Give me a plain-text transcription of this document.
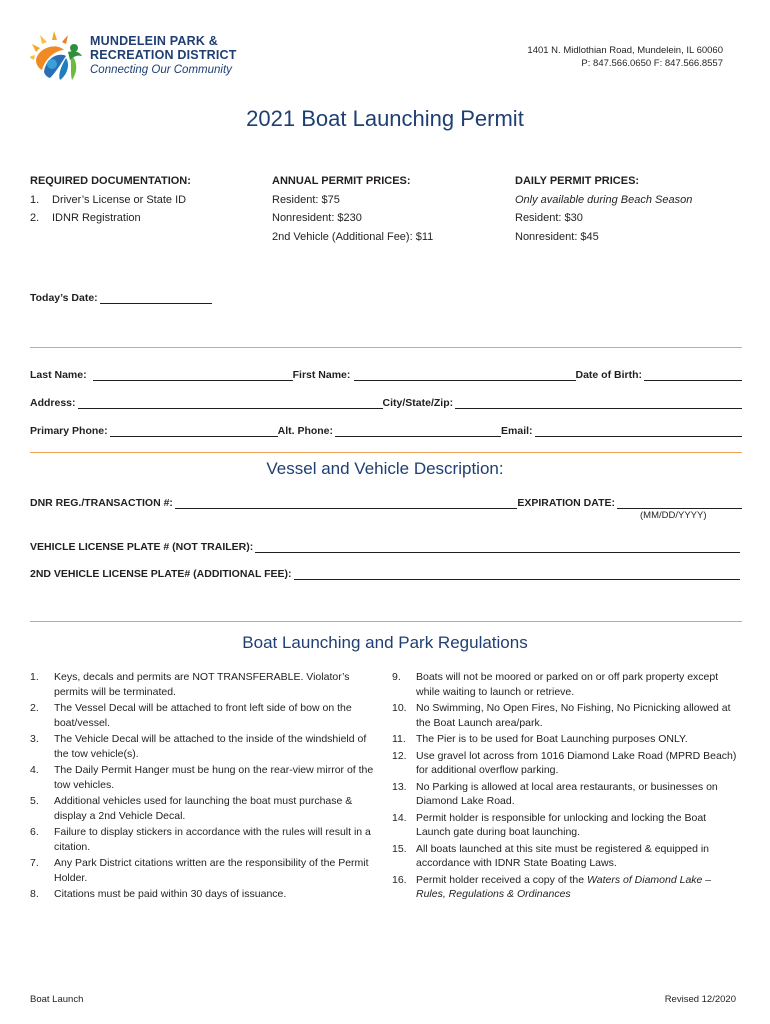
MUNDELEIN PARK &
RECREATION DISTRICT
Connecting Our Community
1401 N. Midlothian Road, Mundelein, IL 60060
P: 847.566.0650 F: 847.566.8557
2021 Boat Launching Permit
REQUIRED DOCUMENTATION:
1.	Driver’s License or State ID
2.	IDNR Registration
ANNUAL PERMIT PRICES:
Resident: $75
Nonresident: $230
2nd Vehicle (Additional Fee): $11
DAILY PERMIT PRICES:
Only available during Beach Season
Resident: $30
Nonresident: $45
Today’s Date:
Last Name:	First Name:	Date of Birth:
Address:	City/State/Zip:
Primary Phone:	Alt. Phone:	Email:
Vessel and Vehicle Description:
DNR REG./TRANSACTION #:	EXPIRATION DATE:
(MM/DD/YYYY)
VEHICLE LICENSE PLATE # (NOT TRAILER):
2ND VEHICLE LICENSE PLATE# (ADDITIONAL FEE):
Boat Launching and Park Regulations
1.	Keys, decals and permits are NOT TRANSFERABLE. Violator’s permits will be terminated.
2.	The Vessel Decal will be attached to front left side of bow on the boat/vessel.
3.	The Vehicle Decal will be attached to the inside of the windshield of the tow vehicle(s).
4.	The Daily Permit Hanger must be hung on the rear-view mirror of the tow vehicles.
5.	Additional vehicles used for launching the boat must purchase & display a 2nd Vehicle Decal.
6.	Failure to display stickers in accordance with the rules will result in a citation.
7.	Any Park District citations written are the responsibility of the Permit Holder.
8.	Citations must be paid within 30 days of issuance.
9.	Boats will not be moored or parked on or off park property except while waiting to launch or retrieve.
10. No Swimming, No Open Fires, No Fishing, No Picnicking allowed at the Boat Launch area/park.
11. The Pier is to be used for Boat Launching purposes ONLY.
12. Use gravel lot across from 1016 Diamond Lake Road (MPRD Beach) for additional overflow parking.
13. No Parking is allowed at local area restaurants, or businesses on Diamond Lake Road.
14. Permit holder is responsible for unlocking and locking the Boat Launch gate during boat launching.
15. All boats launched at this site must be registered & equipped in accordance with IDNR State Boating Laws.
16. Permit holder received a copy of the Waters of Diamond Lake – Rules, Regulations & Ordinances
Boat Launch	Revised 12/2020
